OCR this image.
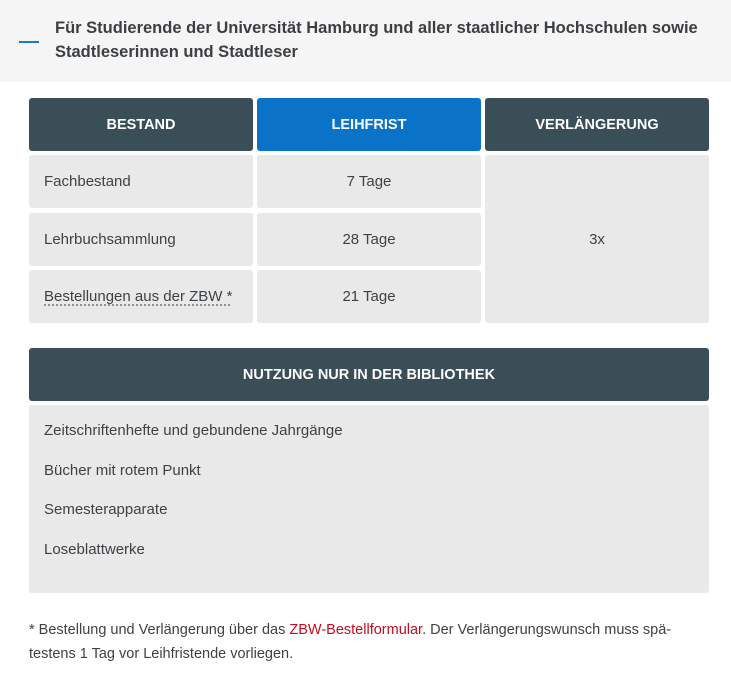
Für Studierende der Universität Hamburg und aller staatlicher Hochschulen sowie Stadtleserinnen und Stadtleser
BESTAND	LEIHFRIST	VERLÄNGERUNG
Fachbestand	7 Tage
Lehrbuchsammlung	28 Tage
Bestellungen aus der ZBW *	21 Tage
3x
NUTZUNG NUR IN DER BIBLIOTHEK
Zeitschriftenhefte und gebundene Jahrgänge
Bücher mit rotem Punkt
Semesterapparate
Loseblattwerke
* Bestellung und Verlängerung über das ZBW-Bestellformular. Der Verlängerungswunsch muss spä-
testens 1 Tag vor Leihfristende vorliegen.
